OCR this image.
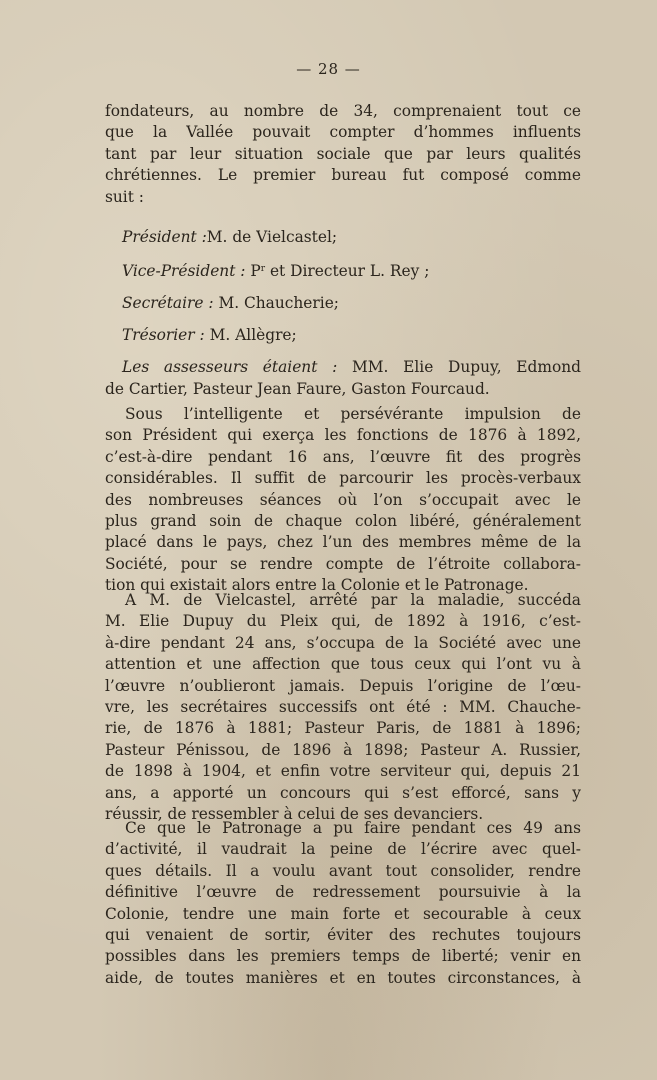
— 28 —
fondateurs, au nombre de 34, comprenaient tout ce
que la Vallée pouvait compter d’hommes influents
tant par leur situation sociale que par leurs qualités
chrétiennes. Le premier bureau fut composé comme
suit :
Président :M. de Vielcastel;
Vice-Président : $P^r$ et Directeur L. Rey ;
Secrétaire : M. Chaucherie;
Trésorier : M. Allègre;
Les assesseurs étaient : MM. Elie Dupuy, Edmond
de Cartier, Pasteur Jean Faure, Gaston Fourcaud.
Sous l’intelligente et persévérante impulsion de
son Président qui exerça les fonctions de 1876 à 1892,
c’est-à-dire pendant 16 ans, l’œuvre fit des progrès
considérables. Il suffit de parcourir les procès-verbaux
des nombreuses séances où l’on s’occupait avec le
plus grand soin de chaque colon libéré, généralement
placé dans le pays, chez l’un des membres même de la
Société, pour se rendre compte de l’étroite collabora-
tion qui existait alors entre la Colonie et le Patronage.
A M. de Vielcastel, arrêté par la maladie, succéda
M. Elie Dupuy du Pleix qui, de 1892 à 1916, c’est-
à-dire pendant 24 ans, s’occupa de la Société avec une
attention et une affection que tous ceux qui l’ont vu à
l’œuvre n’oublieront jamais. Depuis l’origine de l’œu-
vre, les secrétaires successifs ont été : MM. Chauche-
rie, de 1876 à 1881; Pasteur Paris, de 1881 à 1896;
Pasteur Pénissou, de 1896 à 1898; Pasteur A. Russier,
de 1898 à 1904, et enfin votre serviteur qui, depuis 21
ans, a apporté un concours qui s’est efforcé, sans y
réussir, de ressembler à celui de ses devanciers.
Ce que le Patronage a pu faire pendant ces 49 ans
d’activité, il vaudrait la peine de l’écrire avec quel-
ques détails. Il a voulu avant tout consolider, rendre
définitive l’œuvre de redressement poursuivie à la
Colonie, tendre une main forte et secourable à ceux
qui venaient de sortir, éviter des rechutes toujours
possibles dans les premiers temps de liberté; venir en
aide, de toutes manières et en toutes circonstances, à
